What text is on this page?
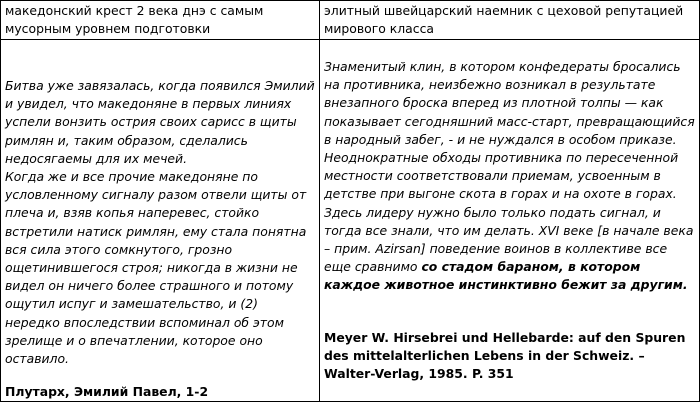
македонский крест 2 века днэ с самым мусорным уровнем подготовки
элитный швейцарский наемник с цеховой репутацией мирового класса

Битва уже завязалась, когда появился Эмилий и увидел, что македоняне в первых линиях успели вонзить острия своих сарисс в щиты римлян и, таким образом, сделались недосягаемы для их мечей.
Когда же и все прочие македоняне по условленному сигналу разом отвели щиты от плеча и, взяв копья наперевес, стойко встретили натиск римлян, ему стала понятна вся сила этого сомкнутого, грозно ощетинившегося строя; никогда в жизни не видел он ничего более страшного и потому ощутил испуг и замешательство, и (2) нередко впоследствии вспоминал об этом зрелище и о впечатлении, которое оно оставило.

Плутарх, Эмилий Павел, 1-2

Знаменитый клин, в котором конфедераты бросались на противника, неизбежно возникал в результате внезапного броска вперед из плотной толпы — как показывает сегодняшний масс-старт, превращающийся в народный забег, - и не нуждался в особом приказе. Неоднократные обходы противника по пересеченной местности соответствовали приемам, усвоенным в детстве при выгоне скота в горах и на охоте в горах. Здесь лидеру нужно было только подать сигнал, и тогда все знали, что им делать. XVI веке [в начале века – прим. Azirsan] поведение воинов в коллективе все еще сравнимо со стадом бараном, в котором каждое животное инстинктивно бежит за другим.

Meyer W. Hirsebrei und Hellebarde: auf den Spuren des mittelalterlichen Lebens in der Schweiz. – Walter-Verlag, 1985. P. 351
